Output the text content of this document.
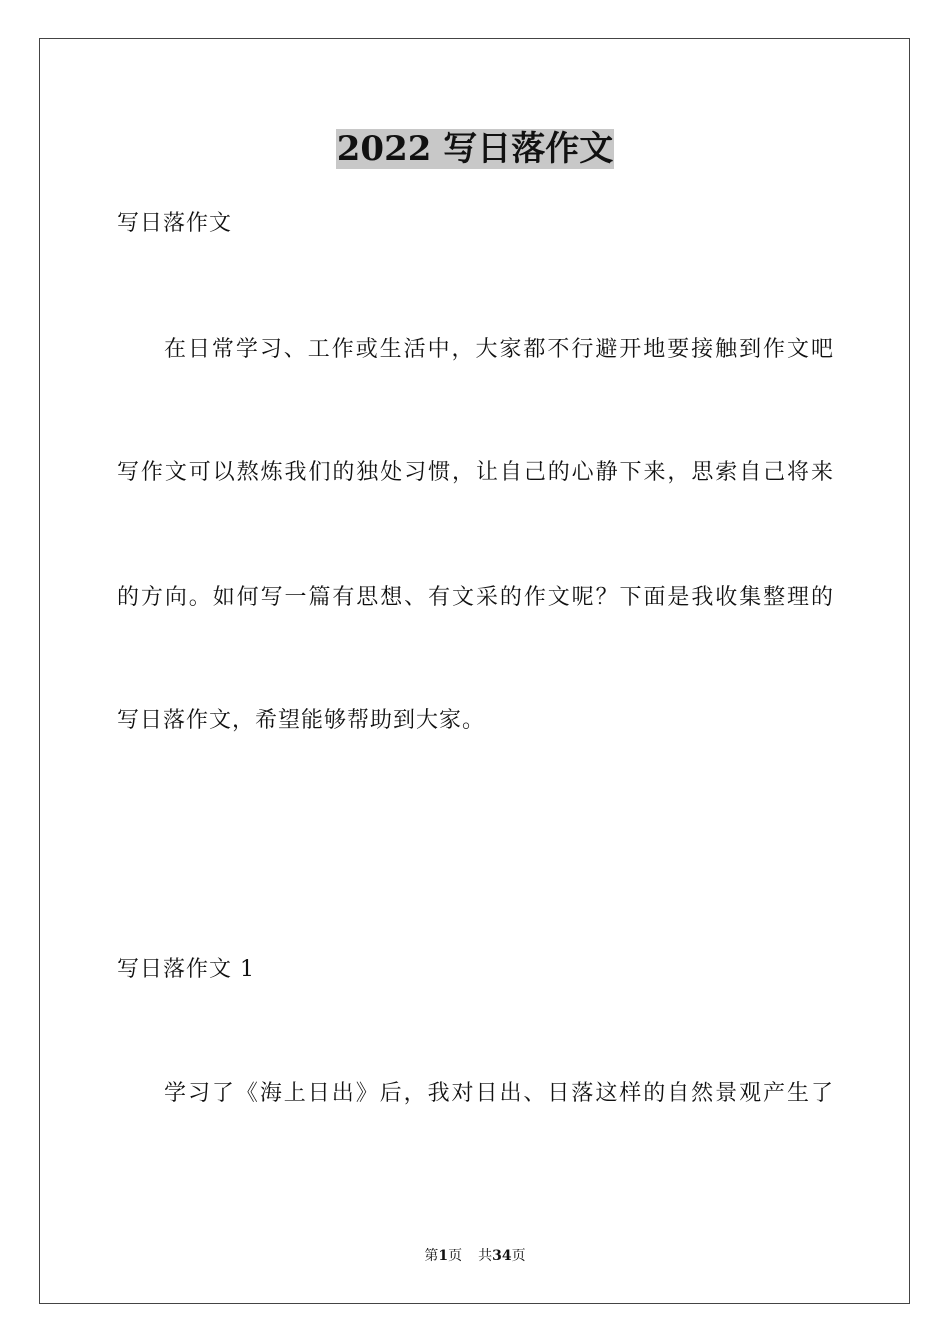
2022 写日落作文
写日落作文
在日常学习、工作或生活中，大家都不行避开地要接触到作文吧
写作文可以熬炼我们的独处习惯，让自己的心静下来，思索自己将来
的方向。如何写一篇有思想、有文采的作文呢？下面是我收集整理的
写日落作文，希望能够帮助到大家。
写日落作文 1
学习了《海上日出》后，我对日出、日落这样的自然景观产生了
第1页 共34页
